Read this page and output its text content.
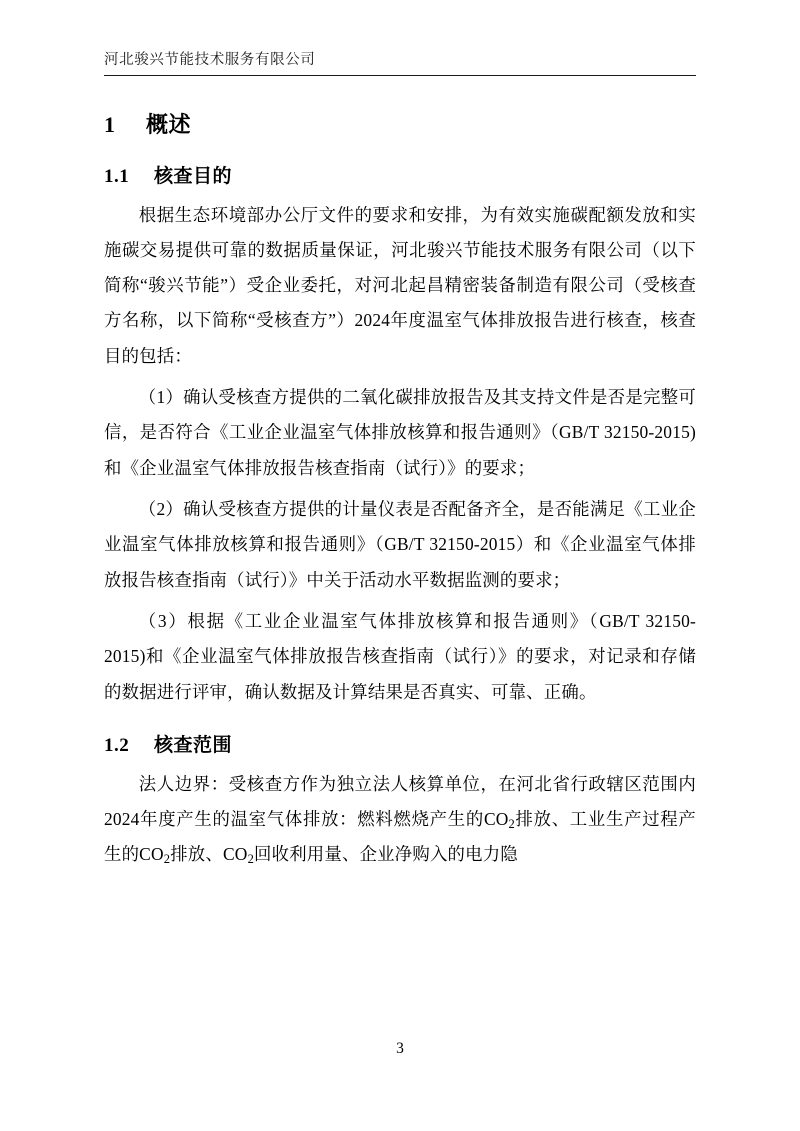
河北骏兴节能技术服务有限公司
1 概述
1.1 核查目的

根据生态环境部办公厅文件的要求和安排，为有效实施碳配额发放和实施碳交易提供可靠的数据质量保证，河北骏兴节能技术服务有限公司（以下简称“骏兴节能”）受企业委托，对河北起昌精密装备制造有限公司（受核查方名称，以下简称“受核查方”）2024年度温室气体排放报告进行核查，核查目的包括：

（1）确认受核查方提供的二氧化碳排放报告及其支持文件是否是完整可信，是否符合《工业企业温室气体排放核算和报告通则》（GB/T 32150-2015)和《企业温室气体排放报告核查指南（试行）》的要求；

（2）确认受核查方提供的计量仪表是否配备齐全，是否能满足《工业企业温室气体排放核算和报告通则》（GB/T 32150-2015）和《企业温室气体排放报告核查指南（试行）》中关于活动水平数据监测的要求；

（3）根据《工业企业温室气体排放核算和报告通则》（GB/T 32150-2015)和《企业温室气体排放报告核查指南（试行）》的要求，对记录和存储的数据进行评审，确认数据及计算结果是否真实、可靠、正确。

1.2 核查范围

法人边界：受核查方作为独立法人核算单位，在河北省行政辖区范围内2024年度产生的温室气体排放：燃料燃烧产生的$CO_2$排放、工业生产过程产生的$CO_2$排放、$CO_2$回收利用量、企业净购入的电力隐

3
